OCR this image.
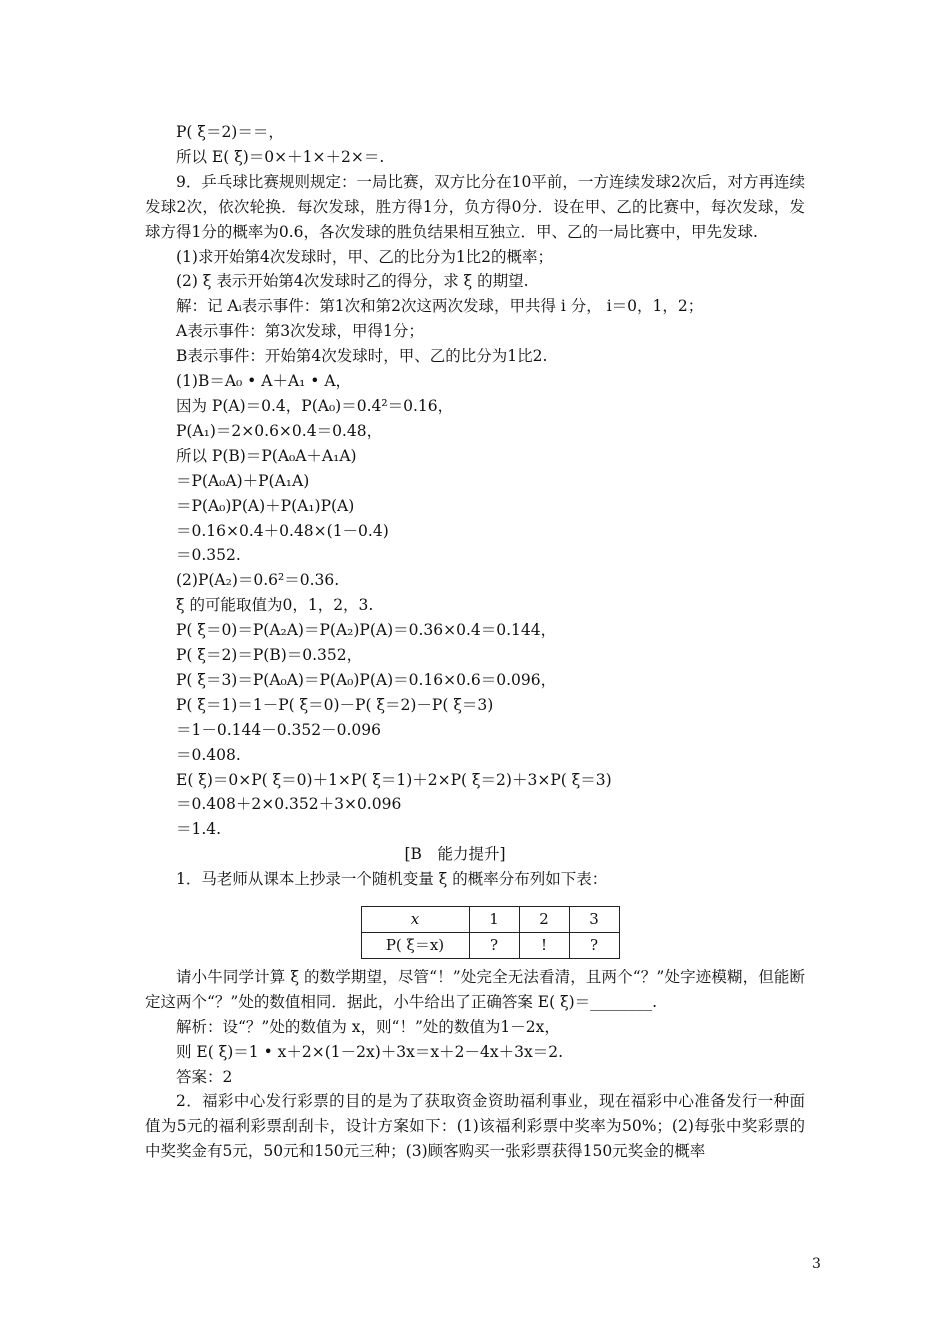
P( ξ＝2)＝＝，
所以 E( ξ)＝0×＋1×＋2×＝.
9．乒乓球比赛规则规定：一局比赛，双方比分在10平前，一方连续发球2次后，对方再连续发球2次，依次轮换．每次发球，胜方得1分，负方得0分．设在甲、乙的比赛中，每次发球，发球方得1分的概率为0.6，各次发球的胜负结果相互独立．甲、乙的一局比赛中，甲先发球.
(1)求开始第4次发球时，甲、乙的比分为1比2的概率；
(2) ξ 表示开始第4次发球时乙的得分，求 ξ 的期望.
解：记 Aᵢ表示事件：第1次和第2次这两次发球，甲共得 i 分， i＝0，1，2；
A表示事件：第3次发球，甲得1分；
B表示事件：开始第4次发球时，甲、乙的比分为1比2.
(1)B＝A₀ • A＋A₁ • A，
因为 P(A)＝0.4，P(A₀)＝0.4²＝0.16，
P(A₁)＝2×0.6×0.4＝0.48，
所以 P(B)＝P(A₀A＋A₁A)
＝P(A₀A)＋P(A₁A)
＝P(A₀)P(A)＋P(A₁)P(A)
＝0.16×0.4＋0.48×(1－0.4)
＝0.352.
(2)P(A₂)＝0.6²＝0.36.
ξ 的可能取值为0，1，2，3.
P( ξ＝0)＝P(A₂A)＝P(A₂)P(A)＝0.36×0.4＝0.144，
P( ξ＝2)＝P(B)＝0.352，
P( ξ＝3)＝P(A₀A)＝P(A₀)P(A)＝0.16×0.6＝0.096，
P( ξ＝1)＝1－P( ξ＝0)－P( ξ＝2)－P( ξ＝3)
＝1－0.144－0.352－0.096
＝0.408.
E( ξ)＝0×P( ξ＝0)＋1×P( ξ＝1)＋2×P( ξ＝2)＋3×P( ξ＝3)
＝0.408＋2×0.352＋3×0.096
＝1.4.
[B　能力提升]
1．马老师从课本上抄录一个随机变量 ξ 的概率分布列如下表：
x	1	2	3
P( ξ＝x)	?	!	?
请小牛同学计算 ξ 的数学期望，尽管“！”处完全无法看清，且两个“？”处字迹模糊，但能断定这两个“？”处的数值相同．据此，小牛给出了正确答案 E( ξ)＝________.
解析：设“？”处的数值为 x，则“！”处的数值为1－2x，
则 E( ξ)＝1 • x＋2×(1－2x)＋3x＝x＋2－4x＋3x＝2.
答案：2
2．福彩中心发行彩票的目的是为了获取资金资助福利事业，现在福彩中心准备发行一种面值为5元的福利彩票刮刮卡，设计方案如下：(1)该福利彩票中奖率为50%；(2)每张中奖彩票的中奖奖金有5元，50元和150元三种；(3)顾客购买一张彩票获得150元奖金的概率
3
